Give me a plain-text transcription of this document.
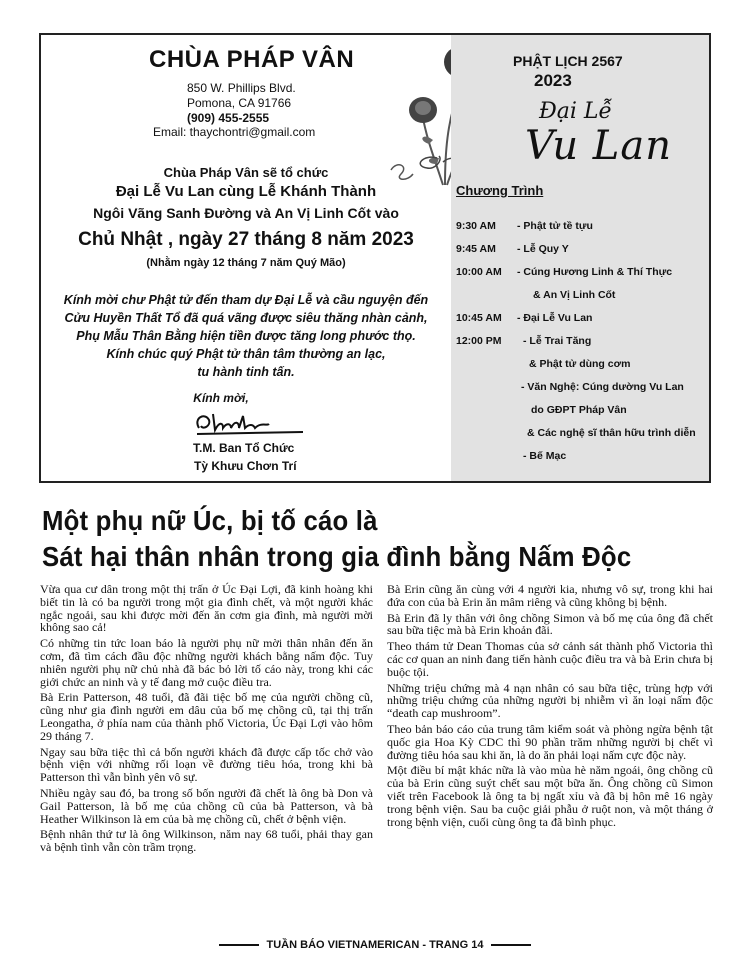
CHÙA PHÁP VÂN
850 W. Phillips Blvd.
Pomona, CA 91766
(909) 455-2555
Email: thaychontri@gmail.com
Chùa Pháp Vân sẽ tổ chức
Đại Lễ Vu Lan cùng Lễ Khánh Thành
Ngôi Vãng Sanh Đường và An Vị Linh Cốt vào
Chủ Nhật , ngày 27 tháng 8 năm 2023
(Nhằm ngày 12 tháng 7 năm Quý Mão)
Kính mời chư Phật tử đến tham dự Đại Lễ và cầu nguyện đến
Cửu Huyền Thất Tổ đã quá vãng được siêu thăng nhàn cảnh,
Phụ Mẫu Thân Bằng hiện tiền được tăng long phước thọ.
Kính chúc quý Phật tử thân tâm thường an lạc,
tu hành tinh tấn.
Kính mời,
T.M. Ban Tổ Chức
Tỳ Khưu Chơn Trí
PHẬT LỊCH 2567
2023
Đại Lễ
Vu Lan
Chương Trình
9:30 AM - Phật tử tề tựu
9:45 AM - Lễ Quy Y
10:00 AM - Cúng Hương Linh & Thí Thực
& An Vị Linh Cốt
10:45 AM - Đại Lễ Vu Lan
12:00 PM - Lễ Trai Tăng
& Phật tử dùng cơm
- Văn Nghệ: Cúng dường Vu Lan
do GĐPT Pháp Vân
& Các nghệ sĩ thân hữu trình diễn
- Bế Mạc
Một phụ nữ Úc, bị tố cáo là
Sát hại thân nhân trong gia đình bằng Nấm Độc

Vừa qua cư dân trong một thị trấn ở Úc Đại Lợi, đã kinh hoàng khi biết tin là có ba người trong một gia đình chết, và một người khác ngắc ngoải, sau khi được mời đến ăn cơm gia đình, mà người mời không sao cả!

Có những tin tức loan báo là người phụ nữ mời thân nhân đến ăn cơm, đã tìm cách đầu độc những người khách bằng nấm độc. Tuy nhiên người phụ nữ chủ nhà đã bác bỏ lời tố cáo này, trong khi các giới chức an ninh và y tế đang mở cuộc điều tra.

Bà Erin Patterson, 48 tuổi, đã đãi tiệc bố mẹ của người chồng cũ, cũng như gia đình người em dâu của bố mẹ chồng cũ, tại thị trấn Leongatha, ở phía nam của thành phố Victoria, Úc Đại Lợi vào hôm 29 tháng 7.

Ngay sau bữa tiệc thì cả bốn người khách đã được cấp tốc chở vào bệnh viện với những rối loạn về đường tiêu hóa, trong khi bà Patterson thì vẫn bình yên vô sự.

Nhiều ngày sau đó, ba trong số bốn người đã chết là ông bà Don và Gail Patterson, là bố mẹ của chồng cũ của bà Patterson, và bà Heather Wilkinson là em của bà mẹ chồng cũ, chết ở bệnh viện.

Bệnh nhân thứ tư là ông Wilkinson, năm nay 68 tuổi, phải thay gan và bệnh tình vẫn còn trầm trọng.

Bà Erin cũng ăn cùng với 4 người kia, nhưng vô sự, trong khi hai đứa con của bà Erin ăn mâm riêng và cũng không bị bệnh.

Bà Erin đã ly thân với ông chồng Simon và bố mẹ của ông đã chết sau bữa tiệc mà bà Erin khoản đãi.

Theo thám tử Dean Thomas của sở cảnh sát thành phố Victoria thì các cơ quan an ninh đang tiến hành cuộc điều tra và bà Erin chưa bị buộc tội.

Những triệu chứng mà 4 nạn nhân có sau bữa tiệc, trùng hợp với những triệu chứng của những người bị nhiễm vì ăn loại nấm độc “death cap mushroom”.

Theo bản báo cáo của trung tâm kiểm soát và phòng ngừa bệnh tật quốc gia Hoa Kỳ CDC thì 90 phần trăm những người bị chết vì đường tiêu hóa sau khi ăn, là do ăn phải loại nấm cực độc này.

Một điều bí mật khác nữa là vào mùa hè năm ngoái, ông chồng cũ của bà Erin cũng suýt chết sau một bữa ăn. Ông chồng cũ Simon viết trên Facebook là ông ta bị ngất xỉu và đã bị hôn mê 16 ngày trong bệnh viện. Sau ba cuộc giải phẫu ở ruột non, và một tháng ở trong bệnh viện, cuối cùng ông ta đã bình phục.

TUẦN BÁO VIETNAMERICAN - TRANG 14
